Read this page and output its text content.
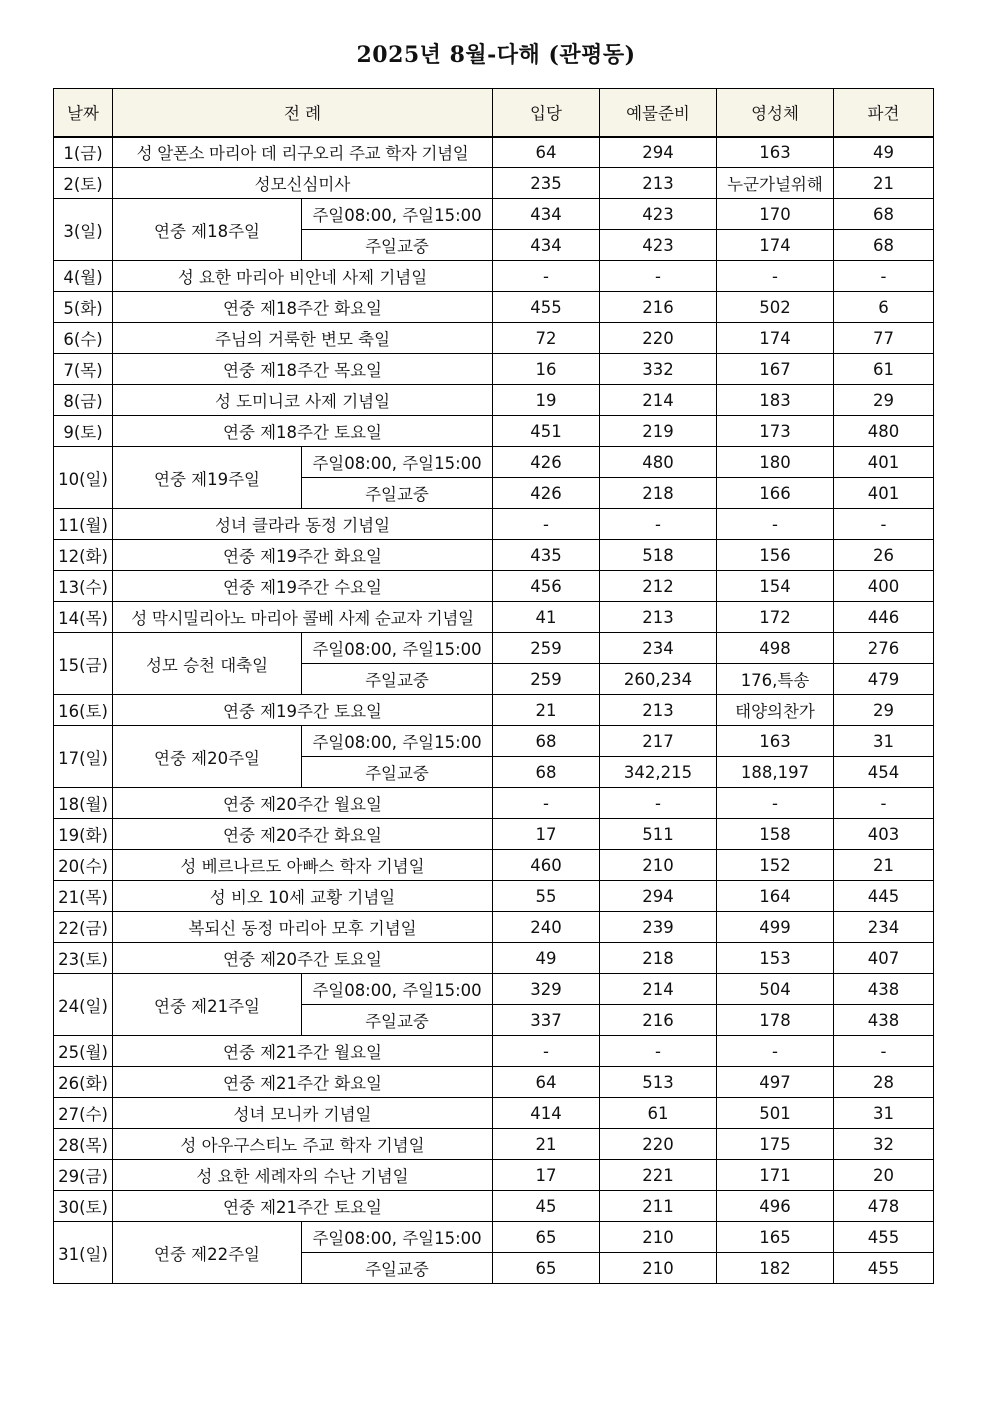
2025년 8월-다해 (관평동)
날짜	전 례		입당	예물준비	영성체	파견
1(금)	성 알폰소 마리아 데 리구오리 주교 학자 기념일		64	294	163	49
2(토)	성모신심미사		235	213	누군가널위해	21
3(일)	연중 제18주일	주일08:00, 주일15:00	434	423	170	68
		주일교중	434	423	174	68
4(월)	성 요한 마리아 비안네 사제 기념일		-	-	-	-
5(화)	연중 제18주간 화요일		455	216	502	6
6(수)	주님의 거룩한 변모 축일		72	220	174	77
7(목)	연중 제18주간 목요일		16	332	167	61
8(금)	성 도미니코 사제 기념일		19	214	183	29
9(토)	연중 제18주간 토요일		451	219	173	480
10(일)	연중 제19주일	주일08:00, 주일15:00	426	480	180	401
		주일교중	426	218	166	401
11(월)	성녀 클라라 동정 기념일		-	-	-	-
12(화)	연중 제19주간 화요일		435	518	156	26
13(수)	연중 제19주간 수요일		456	212	154	400
14(목)	성 막시밀리아노 마리아 콜베 사제 순교자 기념일		41	213	172	446
15(금)	성모 승천 대축일	주일08:00, 주일15:00	259	234	498	276
		주일교중	259	260,234	176,특송	479
16(토)	연중 제19주간 토요일		21	213	태양의찬가	29
17(일)	연중 제20주일	주일08:00, 주일15:00	68	217	163	31
		주일교중	68	342,215	188,197	454
18(월)	연중 제20주간 월요일		-	-	-	-
19(화)	연중 제20주간 화요일		17	511	158	403
20(수)	성 베르나르도 아빠스 학자 기념일		460	210	152	21
21(목)	성 비오 10세 교황 기념일		55	294	164	445
22(금)	복되신 동정 마리아 모후 기념일		240	239	499	234
23(토)	연중 제20주간 토요일		49	218	153	407
24(일)	연중 제21주일	주일08:00, 주일15:00	329	214	504	438
		주일교중	337	216	178	438
25(월)	연중 제21주간 월요일		-	-	-	-
26(화)	연중 제21주간 화요일		64	513	497	28
27(수)	성녀 모니카 기념일		414	61	501	31
28(목)	성 아우구스티노 주교 학자 기념일		21	220	175	32
29(금)	성 요한 세례자의 수난 기념일		17	221	171	20
30(토)	연중 제21주간 토요일		45	211	496	478
31(일)	연중 제22주일	주일08:00, 주일15:00	65	210	165	455
		주일교중	65	210	182	455
